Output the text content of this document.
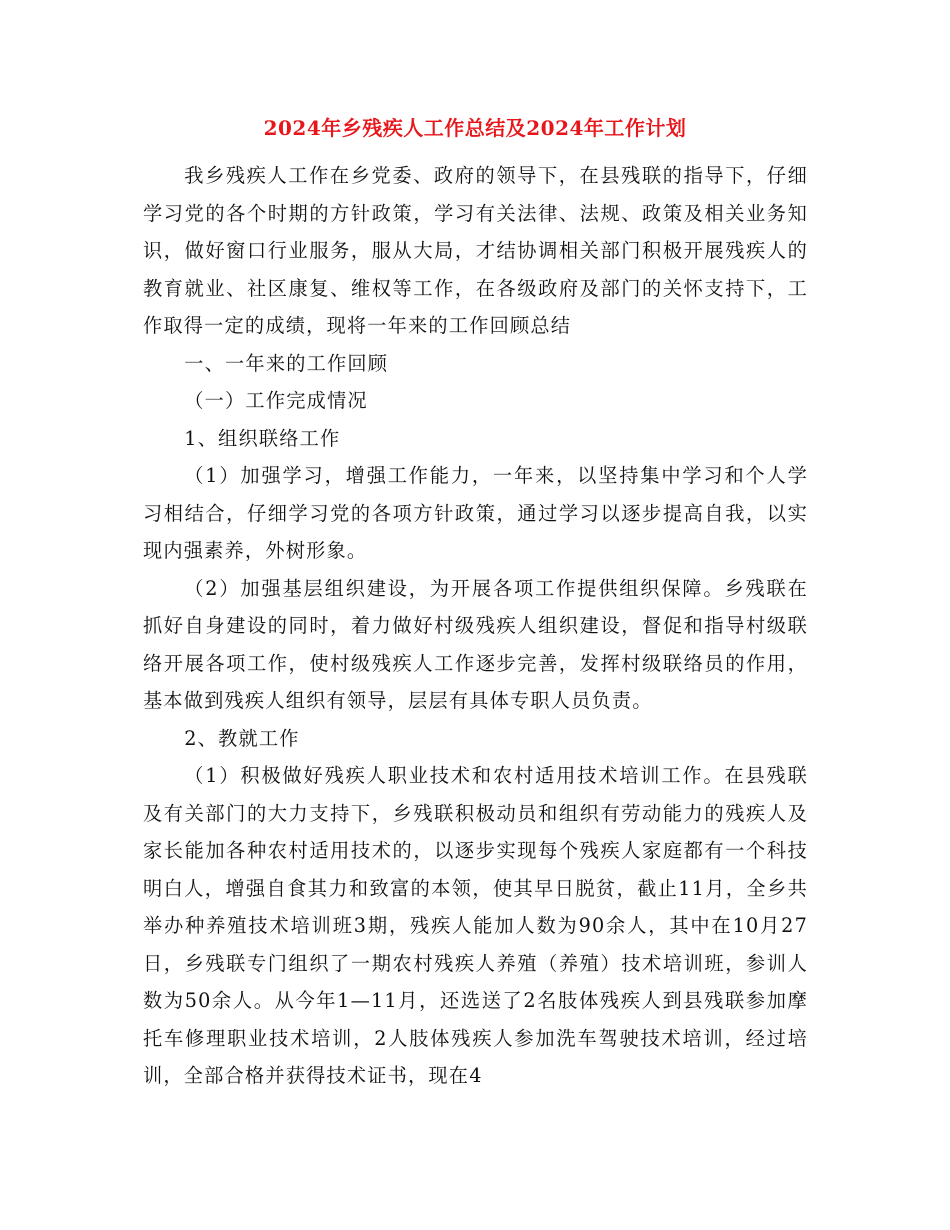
2024年乡残疾人工作总结及2024年工作计划

我乡残疾人工作在乡党委、政府的领导下，在县残联的指导下，仔细学习党的各个时期的方针政策，学习有关法律、法规、政策及相关业务知识，做好窗口行业服务，服从大局，才结协调相关部门积极开展残疾人的教育就业、社区康复、维权等工作，在各级政府及部门的关怀支持下，工作取得一定的成绩，现将一年来的工作回顾总结

一、一年来的工作回顾

（一）工作完成情况

1、组织联络工作

（1）加强学习，增强工作能力，一年来，以坚持集中学习和个人学习相结合，仔细学习党的各项方针政策，通过学习以逐步提高自我，以实现内强素养，外树形象。

（2）加强基层组织建设，为开展各项工作提供组织保障。乡残联在抓好自身建设的同时，着力做好村级残疾人组织建设，督促和指导村级联络开展各项工作，使村级残疾人工作逐步完善，发挥村级联络员的作用，基本做到残疾人组织有领导，层层有具体专职人员负责。

2、教就工作

（1）积极做好残疾人职业技术和农村适用技术培训工作。在县残联及有关部门的大力支持下，乡残联积极动员和组织有劳动能力的残疾人及家长能加各种农村适用技术的，以逐步实现每个残疾人家庭都有一个科技明白人，增强自食其力和致富的本领，使其早日脱贫，截止11月，全乡共举办种养殖技术培训班3期，残疾人能加人数为90余人，其中在10月27日，乡残联专门组织了一期农村残疾人养殖（养殖）技术培训班，参训人数为50余人。从今年1—11月，还选送了2名肢体残疾人到县残联参加摩托车修理职业技术培训，2人肢体残疾人参加洗车驾驶技术培训，经过培训，全部合格并获得技术证书，现在4
